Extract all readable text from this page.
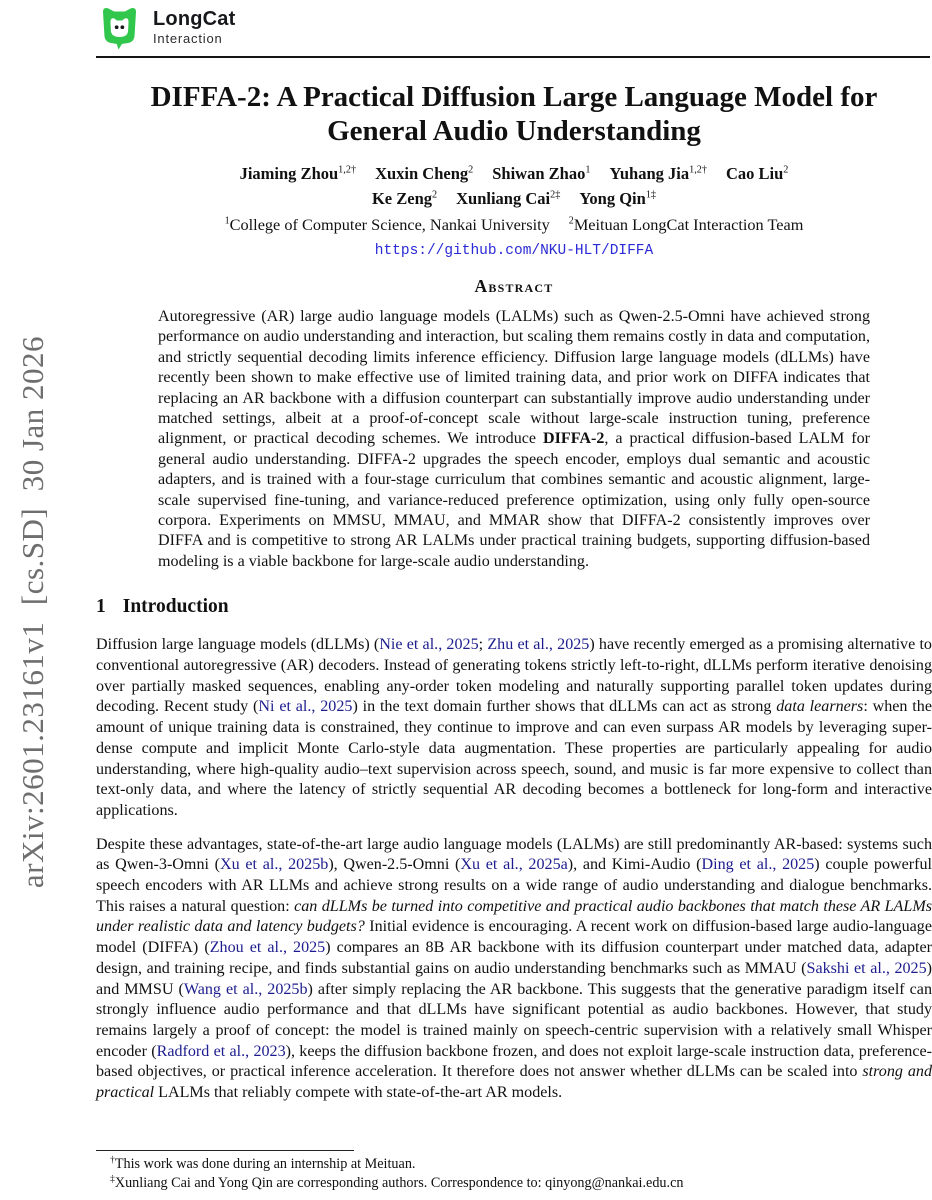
arXiv:2601.23161v1  [cs.SD]  30 Jan 2026
LongCat
Interaction
DIFFA-2: A Practical Diffusion Large Language Model for
General Audio Understanding
Jiaming Zhou$^{1,2\dagger}$ Xuxin Cheng$^2$ Shiwan Zhao$^1$ Yuhang Jia$^{1,2\dagger}$ Cao Liu$^2$
Ke Zeng$^2$ Xunliang Cai$^{2\ddagger}$ Yong Qin$^{1\ddagger}$
$^1$College of Computer Science, Nankai University $^2$Meituan LongCat Interaction Team
https://github.com/NKU-HLT/DIFFA
Abstract
Autoregressive (AR) large audio language models (LALMs) such as Qwen-2.5-Omni have achieved strong performance on audio understanding and interaction, but scaling them remains costly in data and computation, and strictly sequential decoding limits inference efficiency. Diffusion large language models (dLLMs) have recently been shown to make effective use of limited training data, and prior work on DIFFA indicates that replacing an AR backbone with a diffusion counterpart can substantially improve audio understanding under matched settings, albeit at a proof-of-concept scale without large-scale instruction tuning, preference alignment, or practical decoding schemes. We introduce DIFFA-2, a practical diffusion-based LALM for general audio understanding. DIFFA-2 upgrades the speech encoder, employs dual semantic and acoustic adapters, and is trained with a four-stage curriculum that combines semantic and acoustic alignment, large-scale supervised fine-tuning, and variance-reduced preference optimization, using only fully open-source corpora. Experiments on MMSU, MMAU, and MMAR show that DIFFA-2 consistently improves over DIFFA and is competitive to strong AR LALMs under practical training budgets, supporting diffusion-based modeling is a viable backbone for large-scale audio understanding.
1 Introduction
Diffusion large language models (dLLMs) (Nie et al., 2025; Zhu et al., 2025) have recently emerged as a promising alternative to conventional autoregressive (AR) decoders. Instead of generating tokens strictly left-to-right, dLLMs perform iterative denoising over partially masked sequences, enabling any-order token modeling and naturally supporting parallel token updates during decoding. Recent study (Ni et al., 2025) in the text domain further shows that dLLMs can act as strong data learners: when the amount of unique training data is constrained, they continue to improve and can even surpass AR models by leveraging super-dense compute and implicit Monte Carlo-style data augmentation. These properties are particularly appealing for audio understanding, where high-quality audio–text supervision across speech, sound, and music is far more expensive to collect than text-only data, and where the latency of strictly sequential AR decoding becomes a bottleneck for long-form and interactive applications.
Despite these advantages, state-of-the-art large audio language models (LALMs) are still predominantly AR-based: systems such as Qwen-3-Omni (Xu et al., 2025b), Qwen-2.5-Omni (Xu et al., 2025a), and Kimi-Audio (Ding et al., 2025) couple powerful speech encoders with AR LLMs and achieve strong results on a wide range of audio understanding and dialogue benchmarks. This raises a natural question: can dLLMs be turned into competitive and practical audio backbones that match these AR LALMs under realistic data and latency budgets? Initial evidence is encouraging. A recent work on diffusion-based large audio-language model (DIFFA) (Zhou et al., 2025) compares an 8B AR backbone with its diffusion counterpart under matched data, adapter design, and training recipe, and finds substantial gains on audio understanding benchmarks such as MMAU (Sakshi et al., 2025) and MMSU (Wang et al., 2025b) after simply replacing the AR backbone. This suggests that the generative paradigm itself can strongly influence audio performance and that dLLMs have significant potential as audio backbones. However, that study remains largely a proof of concept: the model is trained mainly on speech-centric supervision with a relatively small Whisper encoder (Radford et al., 2023), keeps the diffusion backbone frozen, and does not exploit large-scale instruction data, preference-based objectives, or practical inference acceleration. It therefore does not answer whether dLLMs can be scaled into strong and practical LALMs that reliably compete with state-of-the-art AR models.
†This work was done during an internship at Meituan.
‡Xunliang Cai and Yong Qin are corresponding authors. Correspondence to: qinyong@nankai.edu.cn
